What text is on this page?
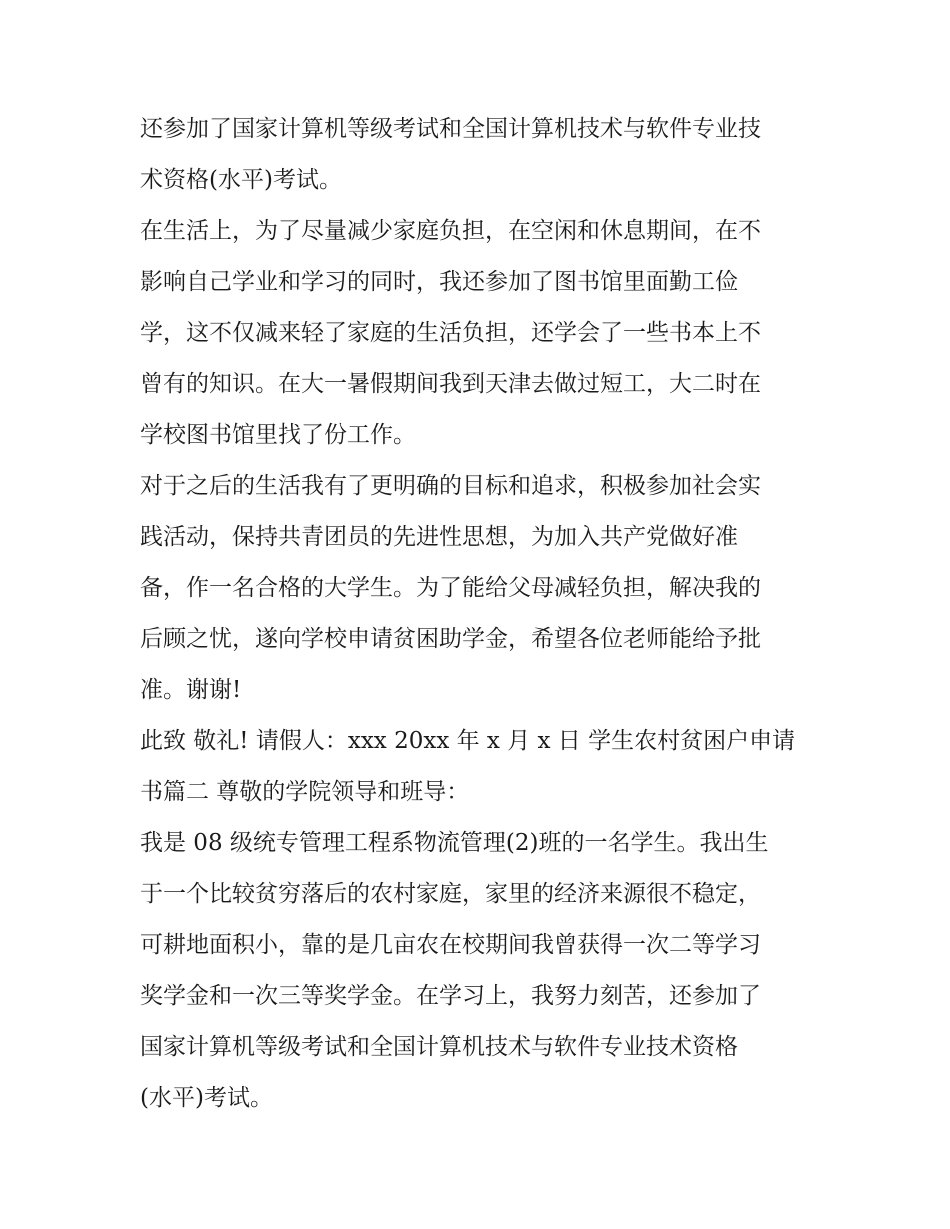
还参加了国家计算机等级考试和全国计算机技术与软件专业技
术资格(水平)考试。
在生活上，为了尽量减少家庭负担，在空闲和休息期间，在不
影响自己学业和学习的同时，我还参加了图书馆里面勤工俭
学，这不仅减来轻了家庭的生活负担，还学会了一些书本上不
曾有的知识。在大一暑假期间我到天津去做过短工，大二时在
学校图书馆里找了份工作。
对于之后的生活我有了更明确的目标和追求，积极参加社会实
践活动，保持共青团员的先进性思想，为加入共产党做好准
备，作一名合格的大学生。为了能给父母减轻负担，解决我的
后顾之忧，遂向学校申请贫困助学金，希望各位老师能给予批
准。谢谢!
此致 敬礼! 请假人：xxx 20xx 年 x 月 x 日 学生农村贫困户申请
书篇二 尊敬的学院领导和班导：
我是 08 级统专管理工程系物流管理(2)班的一名学生。我出生
于一个比较贫穷落后的农村家庭，家里的经济来源很不稳定，
可耕地面积小，靠的是几亩农在校期间我曾获得一次二等学习
奖学金和一次三等奖学金。在学习上，我努力刻苦，还参加了
国家计算机等级考试和全国计算机技术与软件专业技术资格
(水平)考试。
